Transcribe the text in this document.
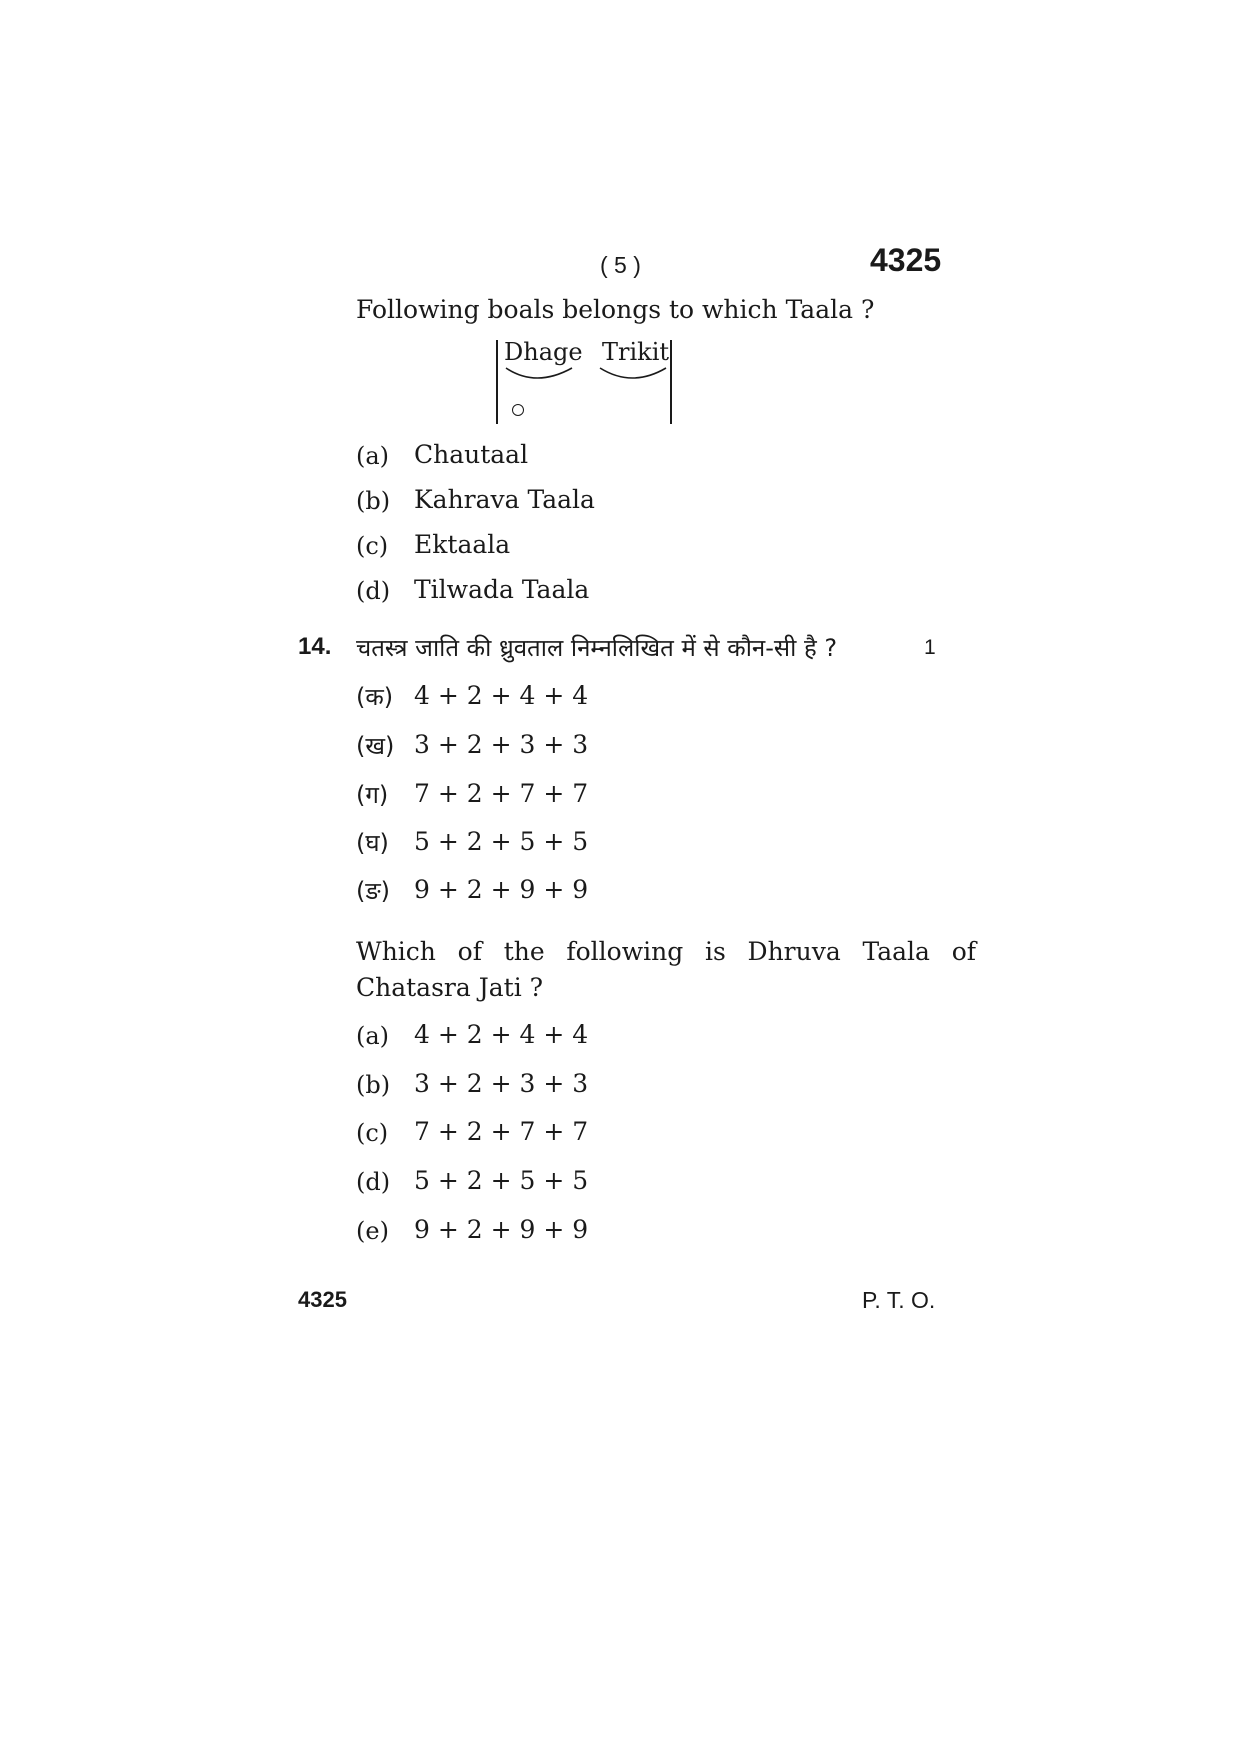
( 5 )	4325
Following boals belongs to which Taala ?
Dhage Trikit
(a) Chautaal
(b) Kahrava Taala
(c) Ektaala
(d) Tilwada Taala
14. चतस्त्र जाति की ध्रुवताल निम्नलिखित में से कौन-सी है ?	1
(क) 4 + 2 + 4 + 4
(ख) 3 + 2 + 3 + 3
(ग) 7 + 2 + 7 + 7
(घ) 5 + 2 + 5 + 5
(ङ) 9 + 2 + 9 + 9
Which of the following is Dhruva Taala of
Chatasra Jati ?
(a) 4 + 2 + 4 + 4
(b) 3 + 2 + 3 + 3
(c) 7 + 2 + 7 + 7
(d) 5 + 2 + 5 + 5
(e) 9 + 2 + 9 + 9
4325	P. T. O.
